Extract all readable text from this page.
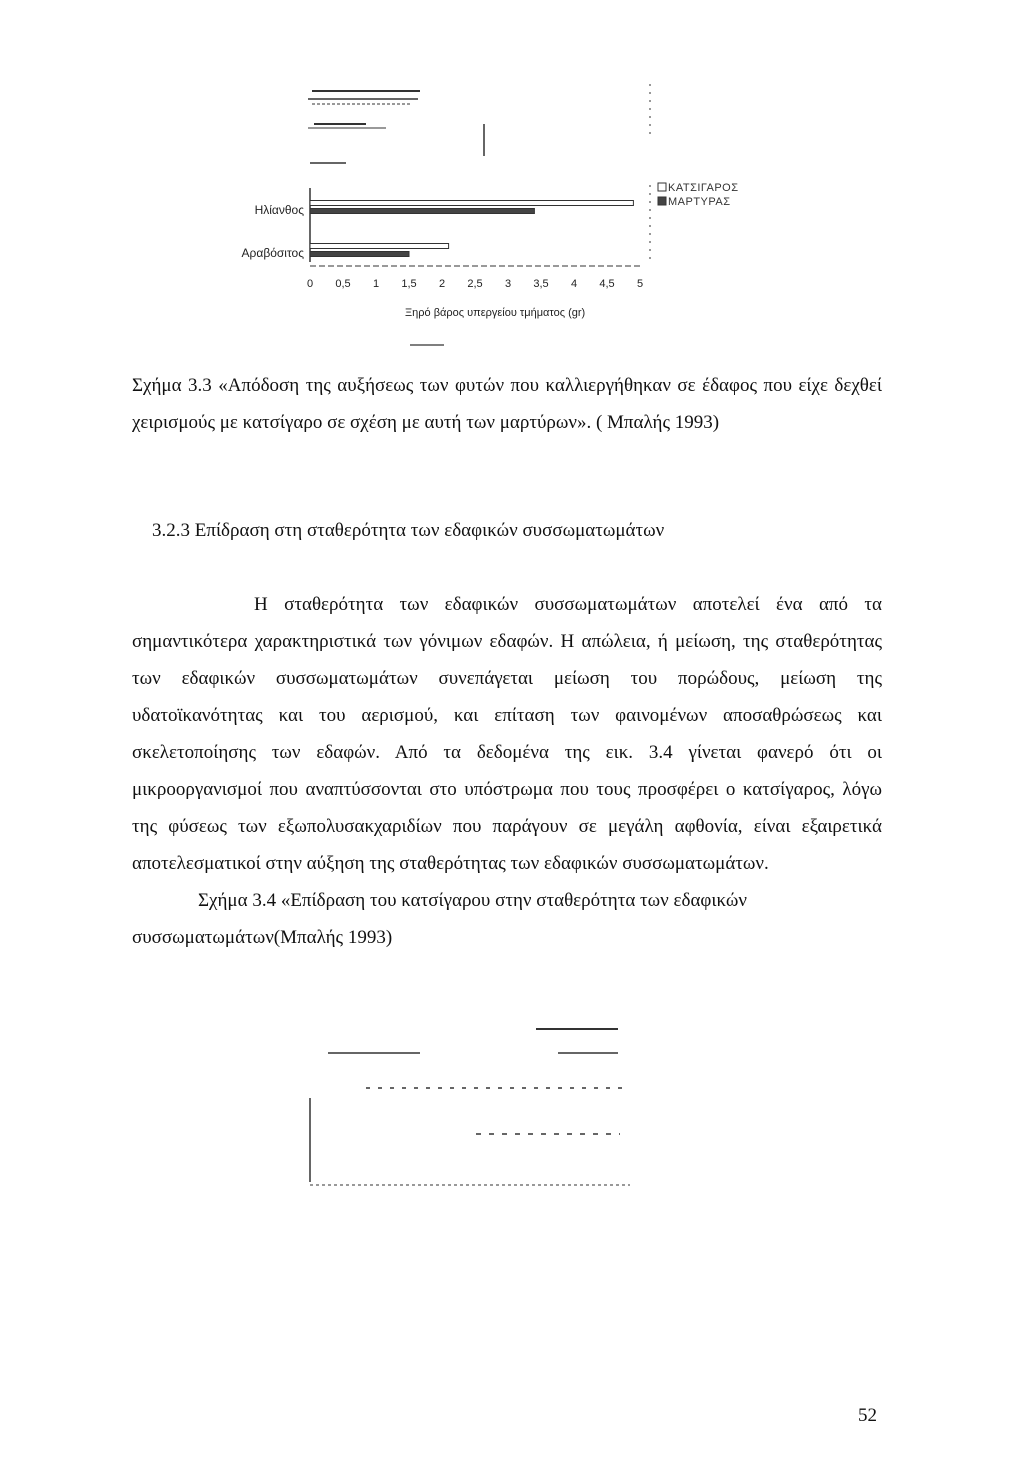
Ηλίανθος
Αραβόσιτος
0 0,5 1 1,5 2 2,5 3 3,5 4 4,5 5
Ξηρό βάρος υπεργείου τμήματος (gr)
ΚΑΤΣΙΓΑΡΟΣ
ΜΑΡΤΥΡΑΣ
Σχήμα 3.3 «Απόδοση της αυξήσεως των φυτών που καλλιεργήθηκαν σε έδαφος που είχε δεχθεί χειρισμούς με κατσίγαρο σε σχέση με αυτή των μαρτύρων». ( Μπαλής 1993)
3.2.3 Επίδραση στη σταθερότητα των εδαφικών συσσωματωμάτων
Η σταθερότητα των εδαφικών συσσωματωμάτων αποτελεί ένα από τα σημαντικότερα χαρακτηριστικά των γόνιμων εδαφών. Η απώλεια, ή μείωση, της σταθερότητας των εδαφικών συσσωματωμάτων συνεπάγεται μείωση του πορώδους, μείωση της υδατοϊκανότητας και του αερισμού, και επίταση των φαινομένων αποσαθρώσεως και σκελετοποίησης των εδαφών. Από τα δεδομένα της εικ. 3.4 γίνεται φανερό ότι οι μικροοργανισμοί που αναπτύσσονται στο υπόστρωμα που τους προσφέρει ο κατσίγαρος, λόγω της φύσεως των εξωπολυσακχαριδίων που παράγουν σε μεγάλη αφθονία, είναι εξαιρετικά αποτελεσματικοί στην αύξηση της σταθερότητας των εδαφικών συσσωματωμάτων.
Σχήμα 3.4 «Επίδραση του κατσίγαρου στην σταθερότητα των εδαφικών συσσωματωμάτων(Μπαλής 1993)
52
